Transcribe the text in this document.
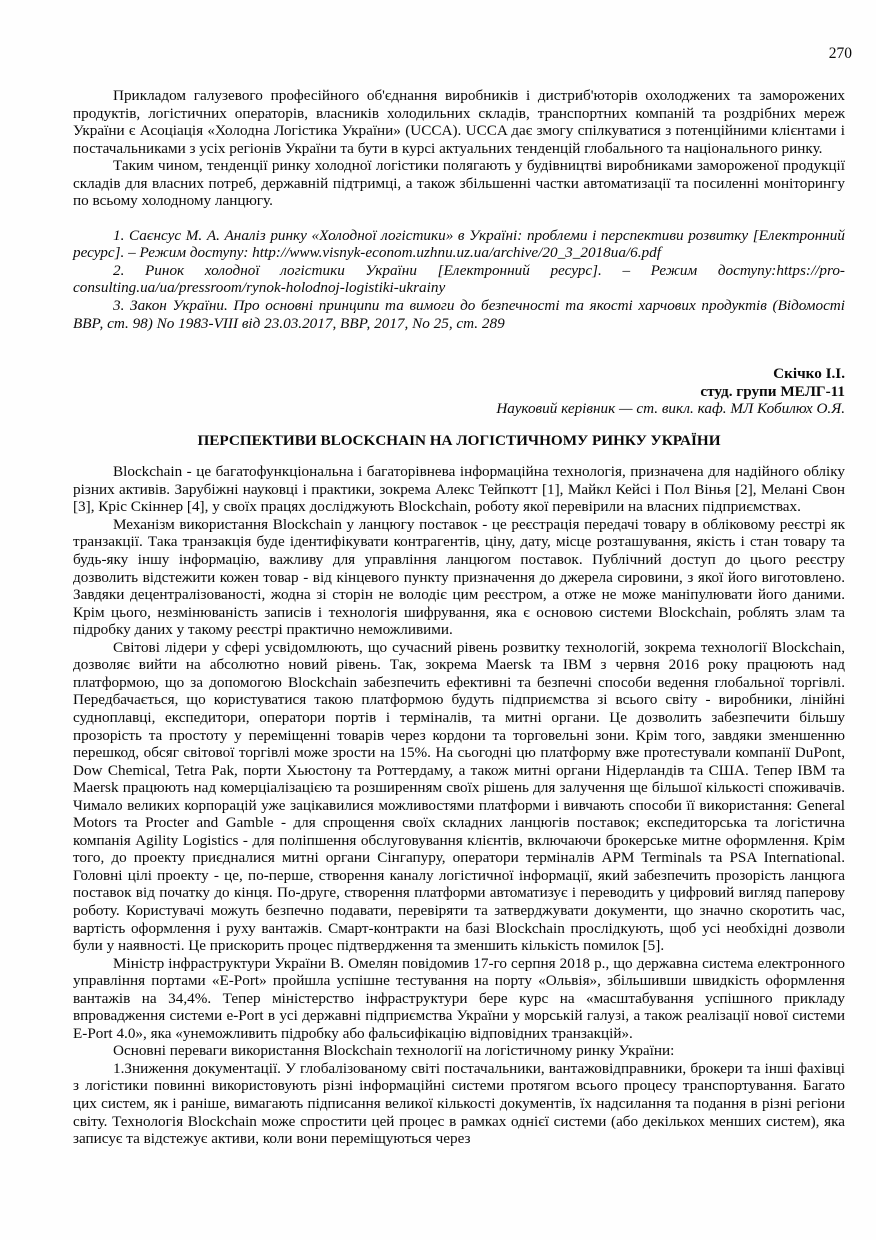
270

Прикладом галузевого професійного об'єднання виробників і дистриб'юторів охолоджених та заморожених продуктів, логістичних операторів, власників холодильних складів, транспортних компаній та роздрібних мереж України є Асоціація «Холодна Логістика України» (UCCA). UCCA дає змогу спілкуватися з потенційними клієнтами і постачальниками з усіх регіонів України та бути в курсі актуальних тенденцій глобального та національного ринку.

Таким чином, тенденції ринку холодної логістики полягають у будівництві виробниками замороженої продукції складів для власних потреб, державній підтримці, а також збільшенні частки автоматизації та посиленні моніторингу по всьому холодному ланцюгу.

1. Саєнсус М. А. Аналіз ринку «Холодної логістики» в Україні: проблеми і перспективи розвитку [Електронний ресурс]. – Режим доступу: http://www.visnyk-econom.uzhnu.uz.ua/archive/20_3_2018ua/6.pdf

2. Ринок холодної логістики України [Електронний ресурс]. – Режим доступу:https://pro-consulting.ua/ua/pressroom/rynok-holodnoj-logistiki-ukrainy

3. Закон України. Про основні принципи та вимоги до безпечності та якості харчових продуктів (Відомості ВВР, ст. 98) No 1983-VIII від 23.03.2017, ВВР, 2017, No 25, ст. 289

Скічко І.І.

студ. групи МЕЛГ-11

Науковий керівник — ст. викл. каф. МЛ Кобилюх О.Я.

ПЕРСПЕКТИВИ BLOCKCHAIN НА ЛОГІСТИЧНОМУ РИНКУ УКРАЇНИ

Blockchain - це багатофункціональна і багаторівнева інформаційна технологія, призначена для надійного обліку різних активів. Зарубіжні науковці і практики, зокрема Алекс Тейпкотт [1], Майкл Кейсі і Пол Вінья [2], Мелані Свон [3], Кріс Скіннер [4], у своїх працях досліджують Blockchain, роботу якої перевірили на власних підприємствах.

Механізм використання Blockchain у ланцюгу поставок - це реєстрація передачі товару в обліковому реєстрі як транзакції. Така транзакція буде ідентифікувати контрагентів, ціну, дату, місце розташування, якість і стан товару та будь-яку іншу інформацію, важливу для управління ланцюгом поставок. Публічний доступ до цього реєстру дозволить відстежити кожен товар - від кінцевого пункту призначення до джерела сировини, з якої його виготовлено. Завдяки децентралізованості, жодна зі сторін не володіє цим реєстром, а отже не може маніпулювати його даними. Крім цього, незмінюваність записів і технологія шифрування, яка є основою системи Blockchain, роблять злам та підробку даних у такому реєстрі практично неможливими.

Світові лідери у сфері усвідомлюють, що сучасний рівень розвитку технологій, зокрема технології Blockchain, дозволяє вийти на абсолютно новий рівень. Так, зокрема Maersk та IBM з червня 2016 року працюють над платформою, що за допомогою Blockchain забезпечить ефективні та безпечні способи ведення глобальної торгівлі. Передбачається, що користуватися такою платформою будуть підприємства зі всього світу - виробники, лінійні судноплавці, експедитори, оператори портів і терміналів, та митні органи. Це дозволить забезпечити більшу прозорість та простоту у переміщенні товарів через кордони та торговельні зони. Крім того, завдяки зменшенню перешкод, обсяг світової торгівлі може зрости на 15%. На сьогодні цю платформу вже протестували компанії DuPont, Dow Chemical, Tetra Pak, порти Хьюстону та Роттердаму, а також митні органи Нідерландів та США. Тепер IBM та Maersk працюють над комерціалізацією та розширенням своїх рішень для залучення ще більшої кількості споживачів. Чимало великих корпорацій уже зацікавилися можливостями платформи і вивчають способи її використання: General Motors та Procter and Gamble - для спрощення своїх складних ланцюгів поставок; експедиторська та логістична компанія Agility Logistics - для поліпшення обслуговування клієнтів, включаючи брокерське митне оформлення. Крім того, до проекту приєдналися митні органи Сінгапуру, оператори терміналів APM Terminals та PSA International. Головні цілі проекту - це, по-перше, створення каналу логістичної інформації, який забезпечить прозорість ланцюга поставок від початку до кінця. По-друге, створення платформи автоматизує і переводить у цифровий вигляд паперову роботу. Користувачі можуть безпечно подавати, перевіряти та затверджувати документи, що значно скоротить час, вартість оформлення і руху вантажів. Смарт-контракти на базі Blockchain прослідкують, щоб усі необхідні дозволи були у наявності. Це прискорить процес підтвердження та зменшить кількість помилок [5].

Міністр інфраструктури України В. Омелян повідомив 17-го серпня 2018 р., що державна система електронного управління портами «E-Port» пройшла успішне тестування на порту «Ольвія», збільшивши швидкість оформлення вантажів на 34,4%. Тепер міністерство інфраструктури бере курс на «масштабування успішного прикладу впровадження системи e-Port в усі державні підприємства України у морській галузі, а також реалізації нової системи E-Port 4.0», яка «унеможливить підробку або фальсифікацію відповідних транзакцій».

Основні переваги використання Blockchain технології на логістичному ринку України:

1.Зниження документації. У глобалізованому світі постачальники, вантажовідправники, брокери та інші фахівці з логістики повинні використовують різні інформаційні системи протягом всього процесу транспортування. Багато цих систем, як і раніше, вимагають підписання великої кількості документів, їх надсилання та подання в різні регіони світу. Технологія Blockchain може спростити цей процес в рамках однієї системи (або декількох менших систем), яка записує та відстежує активи, коли вони переміщуються через
